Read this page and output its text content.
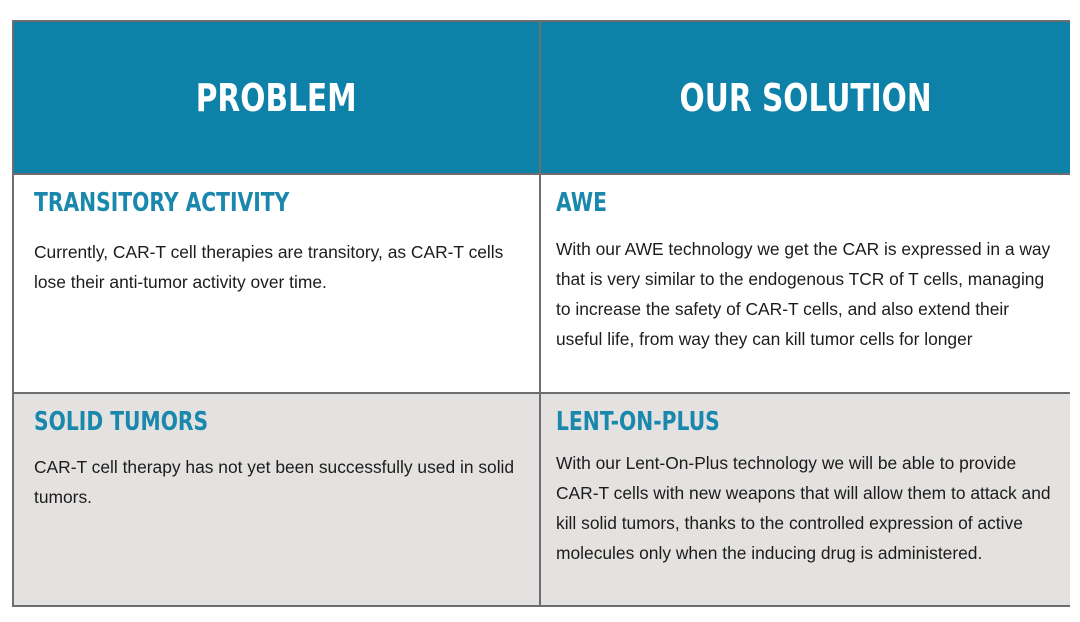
PROBLEM	OUR SOLUTION
TRANSITORY ACTIVITY

Currently, CAR-T cell therapies are transitory, as CAR-T cells lose their anti-tumor activity over time.

AWE

With our AWE technology we get the CAR is expressed in a way that is very similar to the endogenous TCR of T cells, managing to increase the safety of CAR-T cells, and also extend their useful life, from way they can kill tumor cells for longer

SOLID TUMORS

CAR-T cell therapy has not yet been successfully used in solid tumors.

LENT-ON-PLUS

With our Lent-On-Plus technology we will be able to provide CAR-T cells with new weapons that will allow them to attack and kill solid tumors, thanks to the controlled expression of active molecules only when the inducing drug is administered.
